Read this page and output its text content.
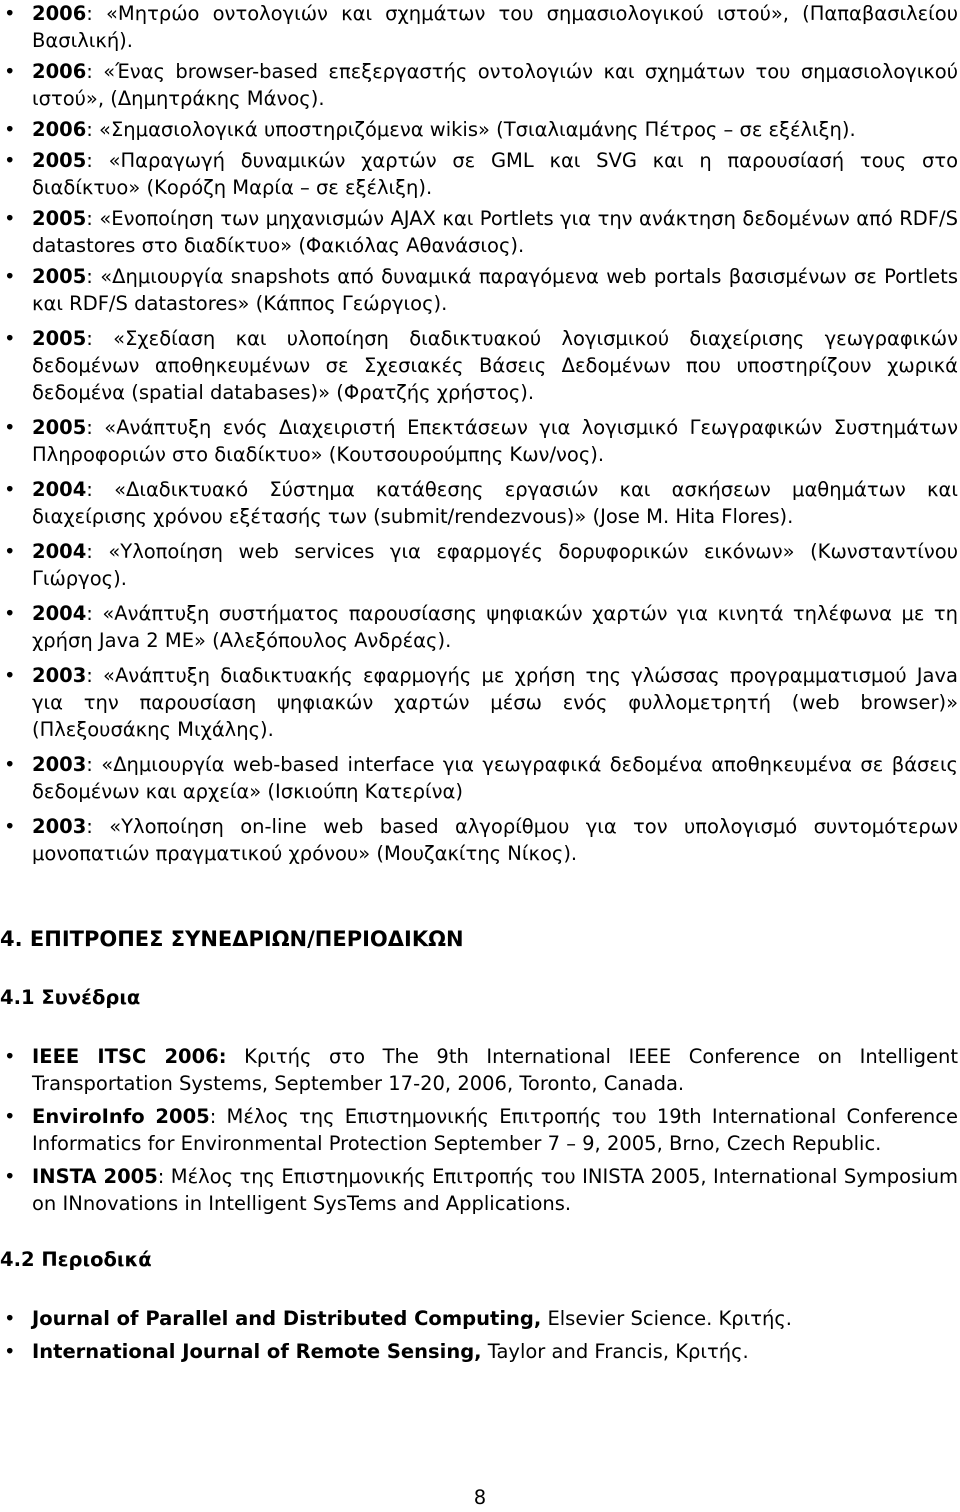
• 2006: «Μητρώο οντολογιών και σχημάτων του σημασιολογικού ιστού», (Παπαβασιλείου Βασιλική).
• 2006: «Ένας browser-based επεξεργαστής οντολογιών και σχημάτων του σημασιολογικού ιστού», (Δημητράκης Μάνος).
• 2006: «Σημασιολογικά υποστηριζόμενα wikis» (Τσιαλιαμάνης Πέτρος – σε εξέλιξη).
• 2005: «Παραγωγή δυναμικών χαρτών σε GML και SVG και η παρουσίασή τους στο διαδίκτυο» (Κορόζη Μαρία – σε εξέλιξη).
• 2005: «Ενοποίηση των μηχανισμών AJAX και Portlets για την ανάκτηση δεδομένων από RDF/S datastores στο διαδίκτυο» (Φακιόλας Αθανάσιος).
• 2005: «Δημιουργία snapshots από δυναμικά παραγόμενα web portals βασισμένων σε Portlets και RDF/S datastores» (Κάππος Γεώργιος).
• 2005: «Σχεδίαση και υλοποίηση διαδικτυακού λογισμικού διαχείρισης γεωγραφικών δεδομένων αποθηκευμένων σε Σχεσιακές Βάσεις Δεδομένων που υποστηρίζουν χωρικά δεδομένα (spatial databases)» (Φρατζής χρήστος).
• 2005: «Ανάπτυξη ενός Διαχειριστή Επεκτάσεων για λογισμικό Γεωγραφικών Συστημάτων Πληροφοριών στο διαδίκτυο» (Κουτσουρούμπης Κων/νος).
• 2004: «Διαδικτυακό Σύστημα κατάθεσης εργασιών και ασκήσεων μαθημάτων και διαχείρισης χρόνου εξέτασής των (submit/rendezvous)» (Jose M. Hita Flores).
• 2004: «Υλοποίηση web services για εφαρμογές δορυφορικών εικόνων» (Κωνσταντίνου Γιώργος).
• 2004: «Ανάπτυξη συστήματος παρουσίασης ψηφιακών χαρτών για κινητά τηλέφωνα με τη χρήση Java 2 ME» (Αλεξόπουλος Ανδρέας).
• 2003: «Ανάπτυξη διαδικτυακής εφαρμογής με χρήση της γλώσσας προγραμματισμού Java για την παρουσίαση ψηφιακών χαρτών μέσω ενός φυλλομετρητή (web browser)» (Πλεξουσάκης Μιχάλης).
• 2003: «Δημιουργία web-based interface για γεωγραφικά δεδομένα αποθηκευμένα σε βάσεις δεδομένων και αρχεία» (Ισκιούπη Κατερίνα)
• 2003: «Υλοποίηση on-line web based αλγορίθμου για τον υπολογισμό συντομότερων μονοπατιών πραγματικού χρόνου» (Μουζακίτης Νίκος).
4. ΕΠΙΤΡΟΠΕΣ ΣΥΝΕΔΡΙΩΝ/ΠΕΡΙΟΔΙΚΩΝ
4.1 Συνέδρια
• IEEE ITSC 2006: Κριτής στο The 9th International IEEE Conference on Intelligent Transportation Systems, September 17-20, 2006, Toronto, Canada.
• EnviroInfo 2005: Μέλος της Επιστημονικής Επιτροπής του 19th International Conference Informatics for Environmental Protection September 7 – 9, 2005, Brno, Czech Republic.
• INSTA 2005: Μέλος της Επιστημονικής Επιτροπής του INISTA 2005, International Symposium on INnovations in Intelligent SysTems and Applications.
4.2 Περιοδικά
• Journal of Parallel and Distributed Computing, Elsevier Science. Κριτής.
• International Journal of Remote Sensing, Taylor and Francis, Κριτής.
8
